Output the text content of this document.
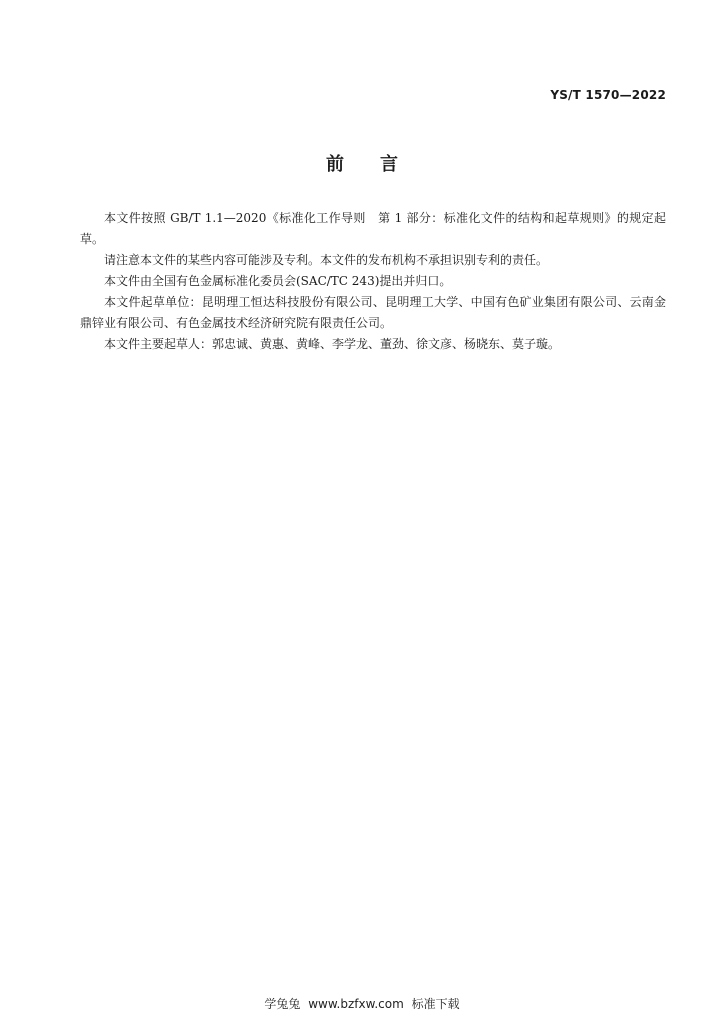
YS/T 1570—2022
前言

本文件按照 GB/T 1.1—2020《标准化工作导则　第 1 部分：标准化文件的结构和起草规则》的规定起草。

请注意本文件的某些内容可能涉及专利。本文件的发布机构不承担识别专利的责任。

本文件由全国有色金属标准化委员会(SAC/TC 243)提出并归口。

本文件起草单位：昆明理工恒达科技股份有限公司、昆明理工大学、中国有色矿业集团有限公司、云南金鼎锌业有限公司、有色金属技术经济研究院有限责任公司。

本文件主要起草人：郭忠诚、黄惠、黄峰、李学龙、董劲、徐文彦、杨晓东、莫子璇。

学兔兔 www.bzfxw.com 标准下载
